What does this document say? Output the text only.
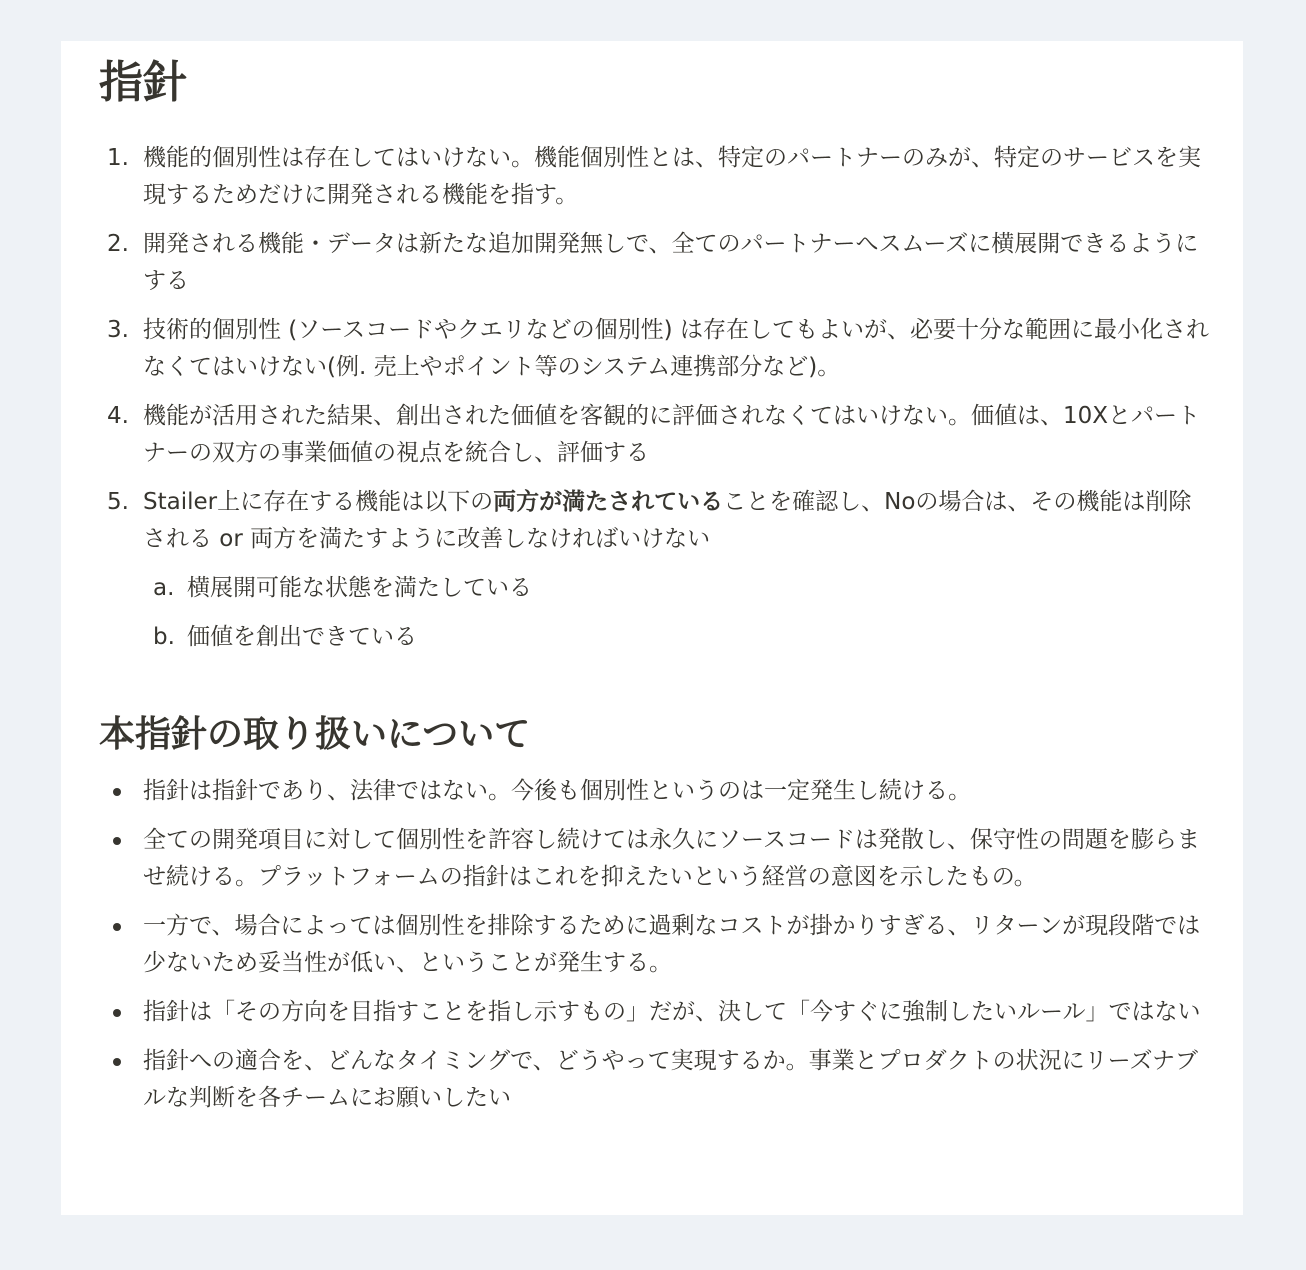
指針
1. 機能的個別性は存在してはいけない。機能個別性とは、特定のパートナーのみが、特定のサービスを実現するためだけに開発される機能を指す。
2. 開発される機能・データは新たな追加開発無しで、全てのパートナーへスムーズに横展開できるようにする
3. 技術的個別性 (ソースコードやクエリなどの個別性) は存在してもよいが、必要十分な範囲に最小化されなくてはいけない(例. 売上やポイント等のシステム連携部分など)。
4. 機能が活用された結果、創出された価値を客観的に評価されなくてはいけない。価値は、10Xとパートナーの双方の事業価値の視点を統合し、評価する
5. Stailer上に存在する機能は以下の両方が満たされていることを確認し、Noの場合は、その機能は削除される or 両方を満たすように改善しなければいけない
a. 横展開可能な状態を満たしている
b. 価値を創出できている
本指針の取り扱いについて
指針は指針であり、法律ではない。今後も個別性というのは一定発生し続ける。
全ての開発項目に対して個別性を許容し続けては永久にソースコードは発散し、保守性の問題を膨らませ続ける。プラットフォームの指針はこれを抑えたいという経営の意図を示したもの。
一方で、場合によっては個別性を排除するために過剰なコストが掛かりすぎる、リターンが現段階では少ないため妥当性が低い、ということが発生する。
指針は「その方向を目指すことを指し示すもの」だが、決して「今すぐに強制したいルール」ではない
指針への適合を、どんなタイミングで、どうやって実現するか。事業とプロダクトの状況にリーズナブルな判断を各チームにお願いしたい
